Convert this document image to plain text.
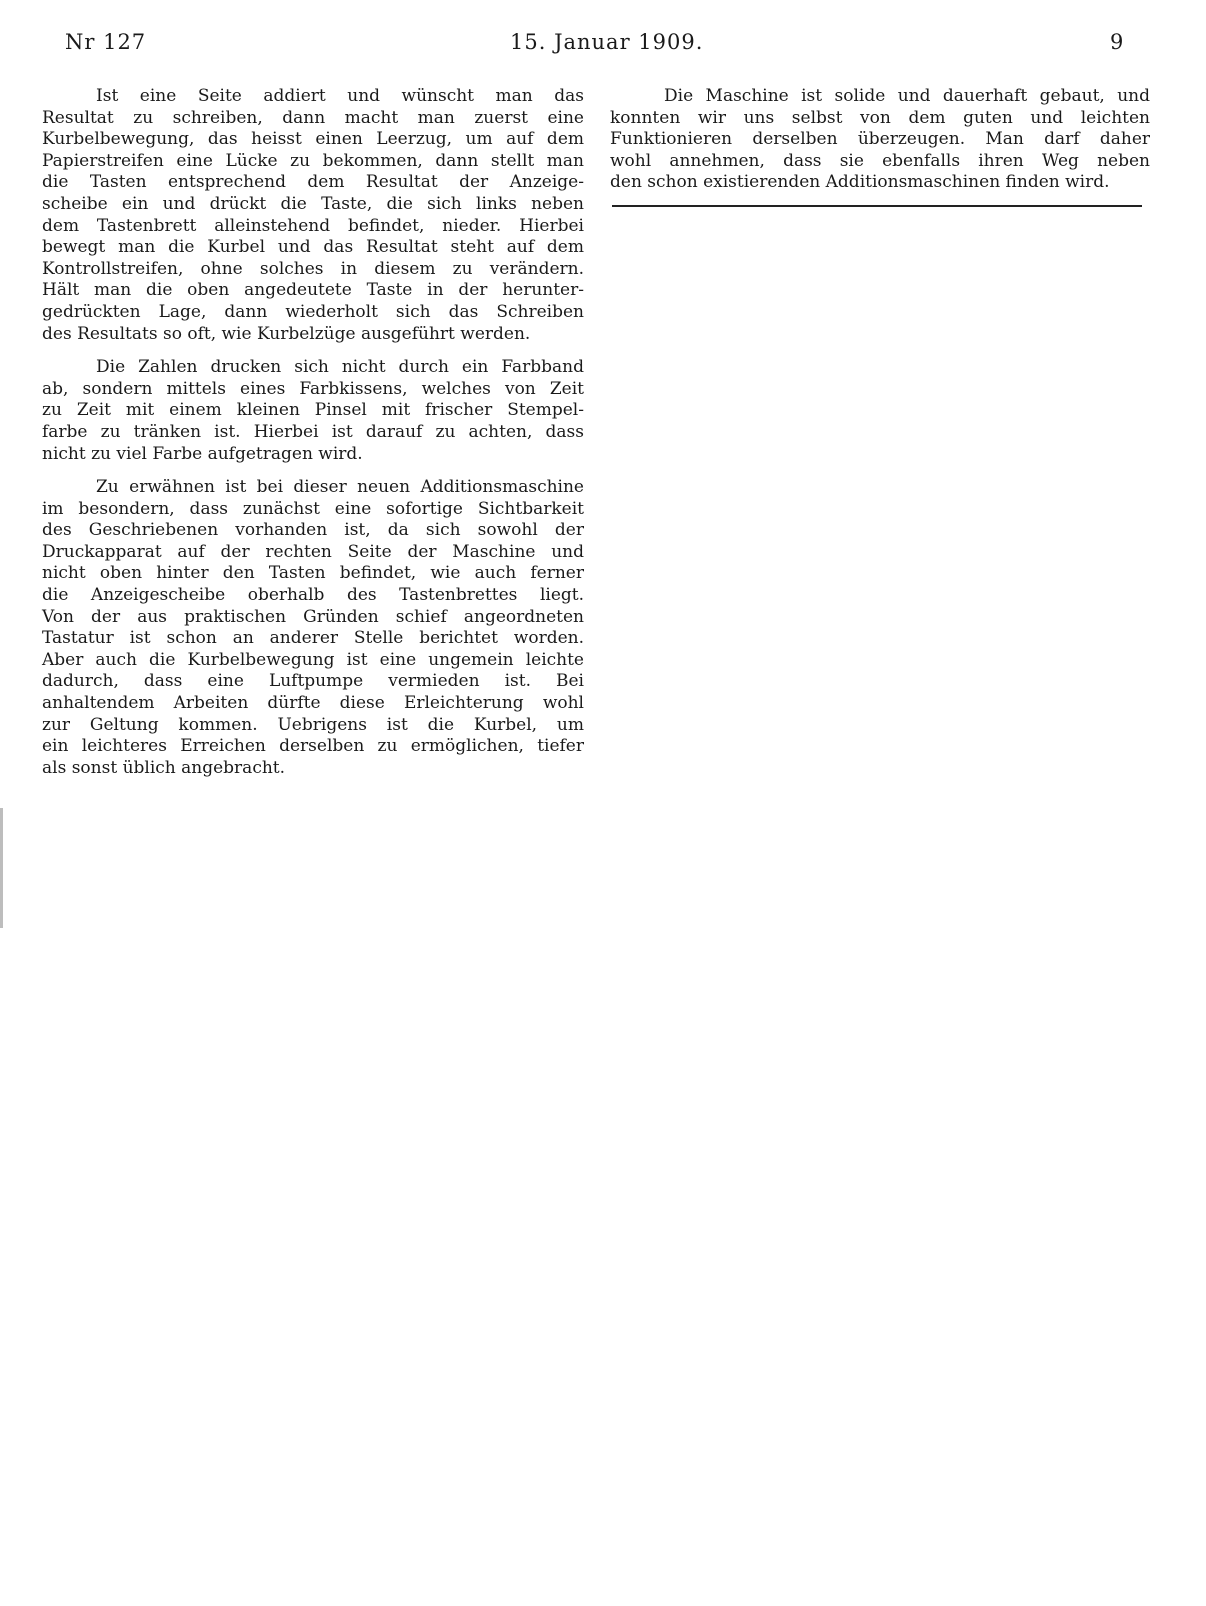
Nr 127	15. Januar 1909.	9

Ist eine Seite addiert und wünscht man das
Resultat zu schreiben, dann macht man zuerst eine
Kurbelbewegung, das heisst einen Leerzug, um auf dem
Papierstreifen eine Lücke zu bekommen, dann stellt man
die Tasten entsprechend dem Resultat der Anzeige-
scheibe ein und drückt die Taste, die sich links neben
dem Tastenbrett alleinstehend befindet, nieder. Hierbei
bewegt man die Kurbel und das Resultat steht auf dem
Kontrollstreifen, ohne solches in diesem zu verändern.
Hält man die oben angedeutete Taste in der herunter-
gedrückten Lage, dann wiederholt sich das Schreiben
des Resultats so oft, wie Kurbelzüge ausgeführt werden.

Die Zahlen drucken sich nicht durch ein Farbband
ab, sondern mittels eines Farbkissens, welches von Zeit
zu Zeit mit einem kleinen Pinsel mit frischer Stempel-
farbe zu tränken ist. Hierbei ist darauf zu achten, dass
nicht zu viel Farbe aufgetragen wird.

Zu erwähnen ist bei dieser neuen Additionsmaschine
im besondern, dass zunächst eine sofortige Sichtbarkeit
des Geschriebenen vorhanden ist, da sich sowohl der
Druckapparat auf der rechten Seite der Maschine und
nicht oben hinter den Tasten befindet, wie auch ferner
die Anzeigescheibe oberhalb des Tastenbrettes liegt.
Von der aus praktischen Gründen schief angeordneten
Tastatur ist schon an anderer Stelle berichtet worden.
Aber auch die Kurbelbewegung ist eine ungemein leichte
dadurch, dass eine Luftpumpe vermieden ist. Bei
anhaltendem Arbeiten dürfte diese Erleichterung wohl
zur Geltung kommen. Uebrigens ist die Kurbel, um
ein leichteres Erreichen derselben zu ermöglichen, tiefer
als sonst üblich angebracht.

Die Maschine ist solide und dauerhaft gebaut, und
konnten wir uns selbst von dem guten und leichten
Funktionieren derselben überzeugen. Man darf daher
wohl annehmen, dass sie ebenfalls ihren Weg neben
den schon existierenden Additionsmaschinen finden wird.
